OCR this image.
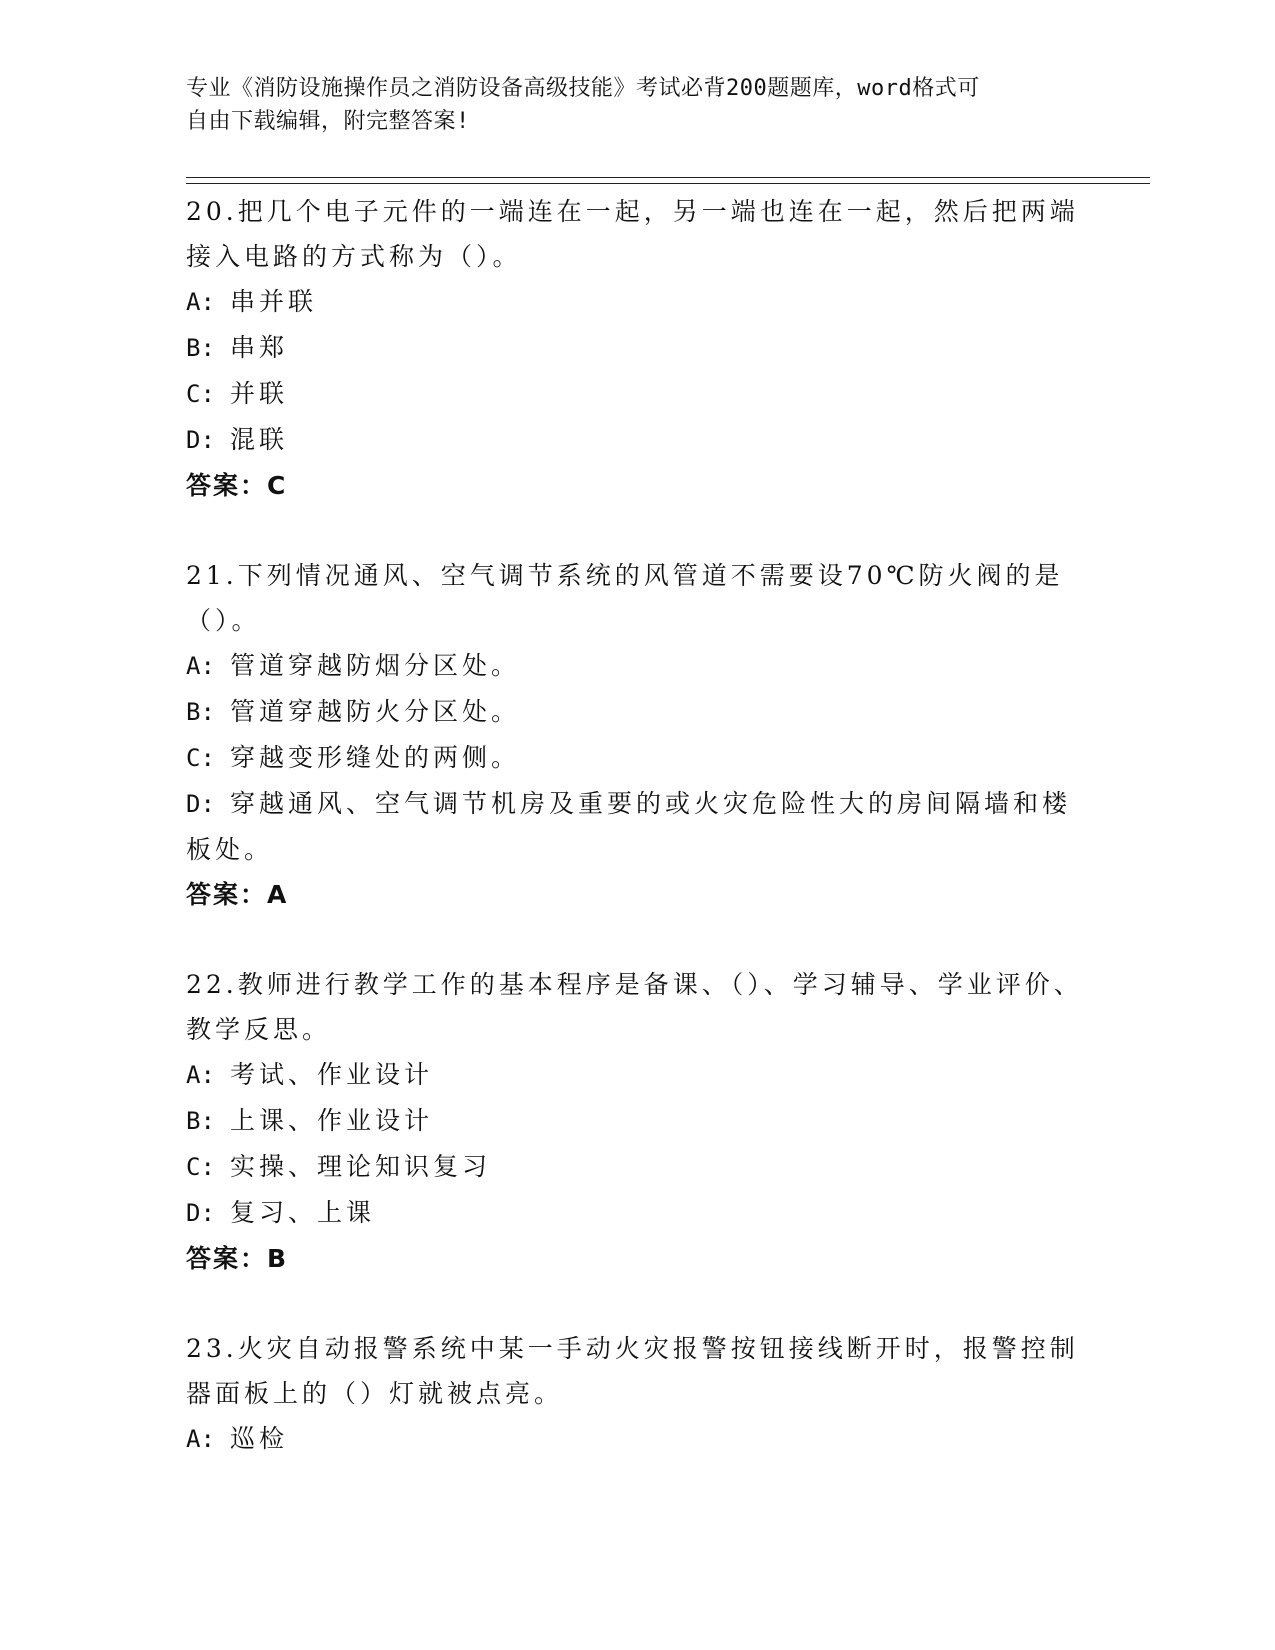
专业《消防设施操作员之消防设备高级技能》考试必背200题题库，word格式可
自由下载编辑，附完整答案!
20.把几个电子元件的一端连在一起，另一端也连在一起，然后把两端接入电路的方式称为（）。
A: 串并联
B: 串郑
C: 并联
D: 混联
答案：C
21.下列情况通风、空气调节系统的风管道不需要设70℃防火阀的是（）。
A: 管道穿越防烟分区处。
B: 管道穿越防火分区处。
C: 穿越变形缝处的两侧。
D: 穿越通风、空气调节机房及重要的或火灾危险性大的房间隔墙和楼板处。
答案：A
22.教师进行教学工作的基本程序是备课、（）、学习辅导、学业评价、教学反思。
A: 考试、作业设计
B: 上课、作业设计
C: 实操、理论知识复习
D: 复习、上课
答案：B
23.火灾自动报警系统中某一手动火灾报警按钮接线断开时，报警控制器面板上的（）灯就被点亮。
A: 巡检
